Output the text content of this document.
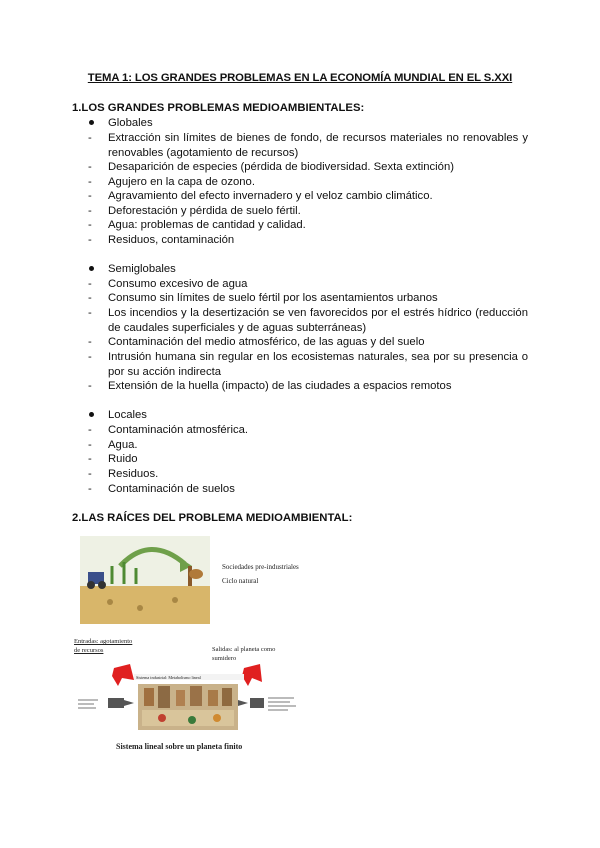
TEMA 1: LOS GRANDES PROBLEMAS EN LA ECONOMÍA MUNDIAL EN EL S.XXI
1.LOS GRANDES PROBLEMAS MEDIOAMBIENTALES:
Globales
-	Extracción sin límites de bienes de fondo, de recursos materiales no renovables y renovables (agotamiento de recursos)
-	Desaparición de especies (pérdida de biodiversidad. Sexta extinción)
-	Agujero en la capa de ozono.
-	Agravamiento del efecto invernadero y el veloz cambio climático.
-	Deforestación y pérdida de suelo fértil.
-	Agua: problemas de cantidad y calidad.
-	Residuos, contaminación
Semiglobales
-	Consumo excesivo de agua
-	Consumo sin límites de suelo fértil por los asentamientos urbanos
-	Los incendios y la desertización se ven favorecidos por el estrés hídrico (reducción de caudales superficiales y de aguas subterráneas)
-	Contaminación del medio atmosférico, de las aguas y del suelo
-	Intrusión humana sin regular en los ecosistemas naturales, sea por su presencia o por su acción indirecta
-	Extensión de la huella (impacto) de las ciudades a espacios remotos
Locales
-	Contaminación atmosférica.
-	Agua.
-	Ruido
-	Residuos.
-	Contaminación de suelos
2.LAS RAÍCES DEL PROBLEMA MEDIOAMBIENTAL:
Sociedades pre-industriales
Ciclo natural
Entradas: agotamiento
de recursos	Salidas: al planeta como
sumidero
Sistema industrial: Metabolismo lineal
Sistema lineal sobre un planeta finito
